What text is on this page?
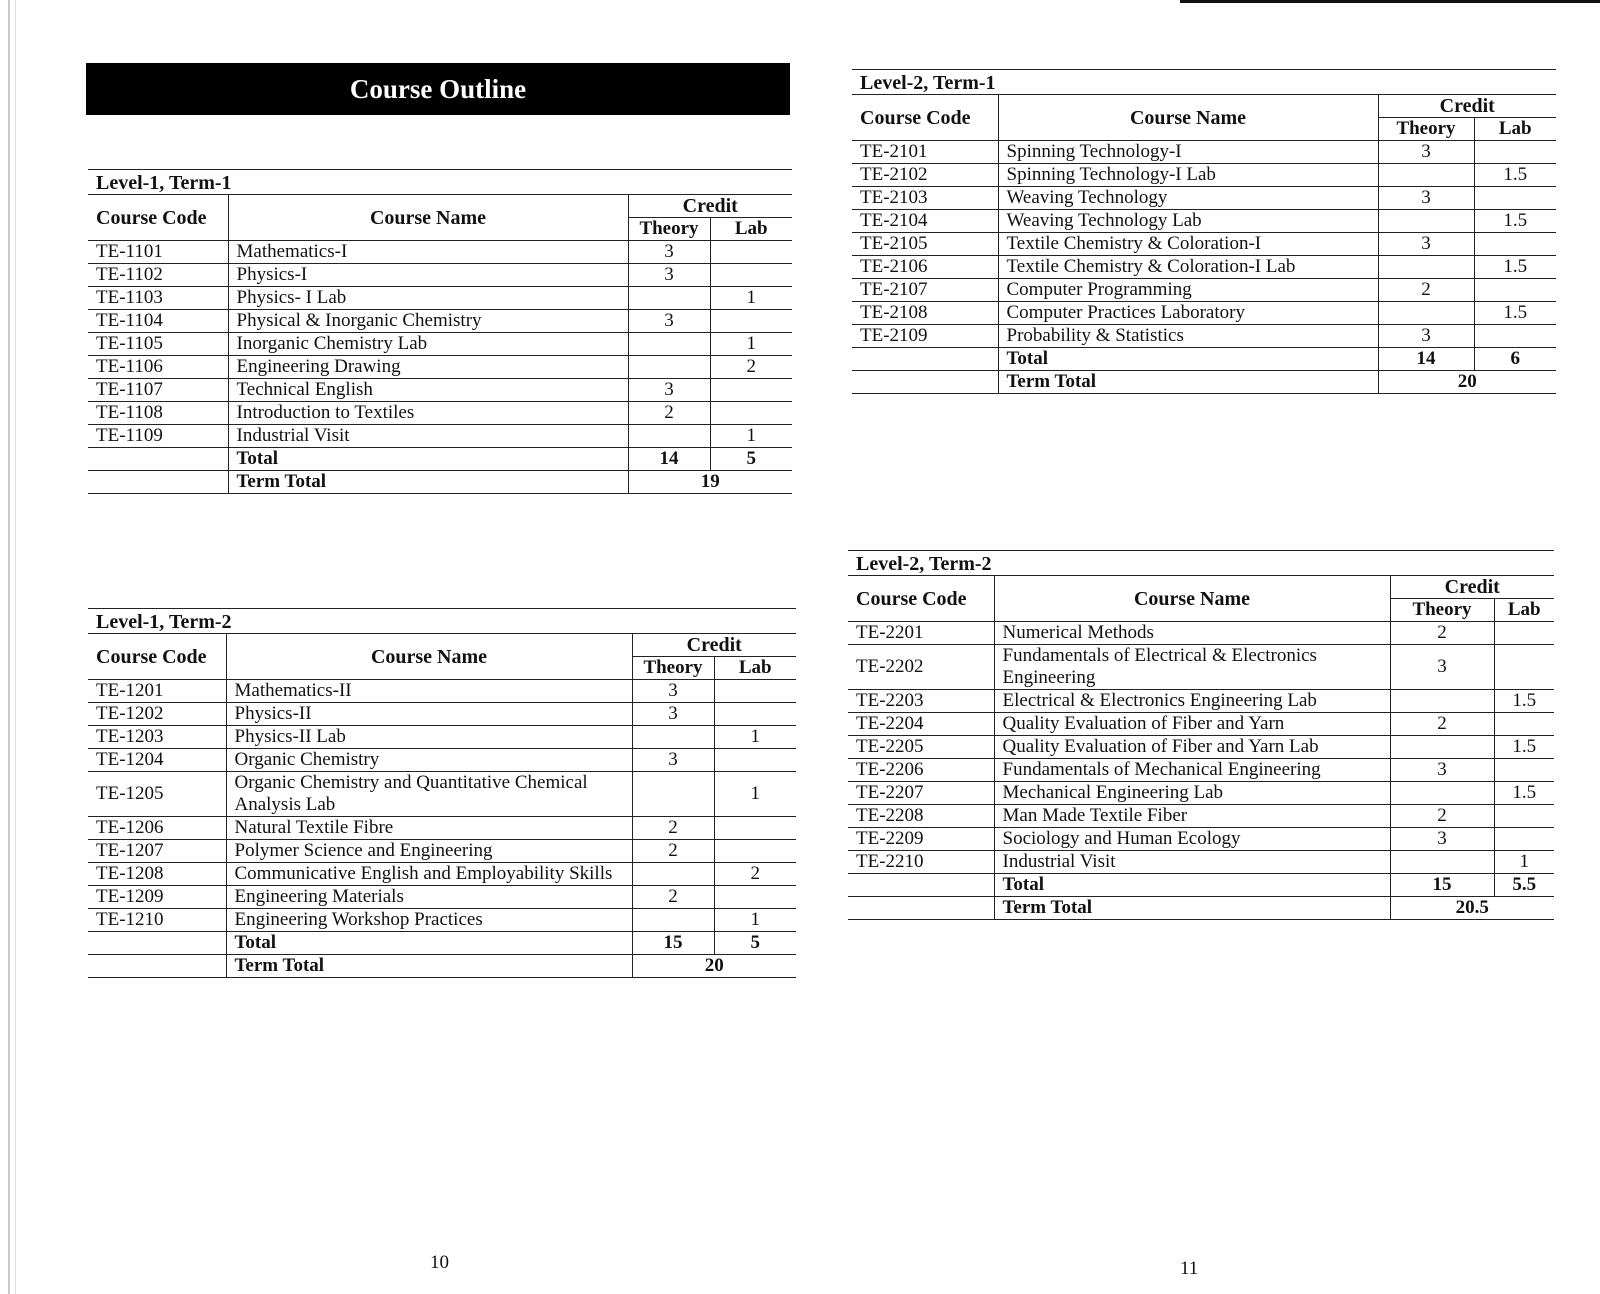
Course Outline
Level-1, Term-1
Course Code	Course Name	Credit	
		Theory	Lab
TE-1101	Mathematics-I	3	
TE-1102	Physics-I	3	
TE-1103	Physics- I Lab		1
TE-1104	Physical & Inorganic Chemistry	3	
TE-1105	Inorganic Chemistry Lab		1
TE-1106	Engineering Drawing		2
TE-1107	Technical English	3	
TE-1108	Introduction to Textiles	2	
TE-1109	Industrial Visit		1
	Total	14	5
	Term Total	19	
Level-1, Term-2
Course Code	Course Name	Credit	
		Theory	Lab
TE-1201	Mathematics-II	3	
TE-1202	Physics-II	3	
TE-1203	Physics-II Lab		1
TE-1204	Organic Chemistry	3	
TE-1205	Organic Chemistry and Quantitative Chemical Analysis Lab		1
TE-1206	Natural Textile Fibre	2	
TE-1207	Polymer Science and Engineering	2	
TE-1208	Communicative English and Employability Skills		2
TE-1209	Engineering Materials	2	
TE-1210	Engineering Workshop Practices		1
	Total	15	5
	Term Total	20	
Level-2, Term-1
Course Code	Course Name	Credit	
		Theory	Lab
TE-2101	Spinning Technology-I	3	
TE-2102	Spinning Technology-I Lab		1.5
TE-2103	Weaving Technology	3	
TE-2104	Weaving Technology Lab		1.5
TE-2105	Textile Chemistry & Coloration-I	3	
TE-2106	Textile Chemistry & Coloration-I Lab		1.5
TE-2107	Computer Programming	2	
TE-2108	Computer Practices Laboratory		1.5
TE-2109	Probability & Statistics	3	
	Total	14	6
	Term Total	20	
Level-2, Term-2
Course Code	Course Name	Credit	
		Theory	Lab
TE-2201	Numerical Methods	2	
TE-2202	Fundamentals of Electrical & Electronics Engineering	3	
TE-2203	Electrical & Electronics Engineering Lab		1.5
TE-2204	Quality Evaluation of Fiber and Yarn	2	
TE-2205	Quality Evaluation of Fiber and Yarn Lab		1.5
TE-2206	Fundamentals of Mechanical Engineering	3	
TE-2207	Mechanical Engineering Lab		1.5
TE-2208	Man Made Textile Fiber	2	
TE-2209	Sociology and Human Ecology	3	
TE-2210	Industrial Visit		1
	Total	15	5.5
	Term Total	20.5	
10	11
